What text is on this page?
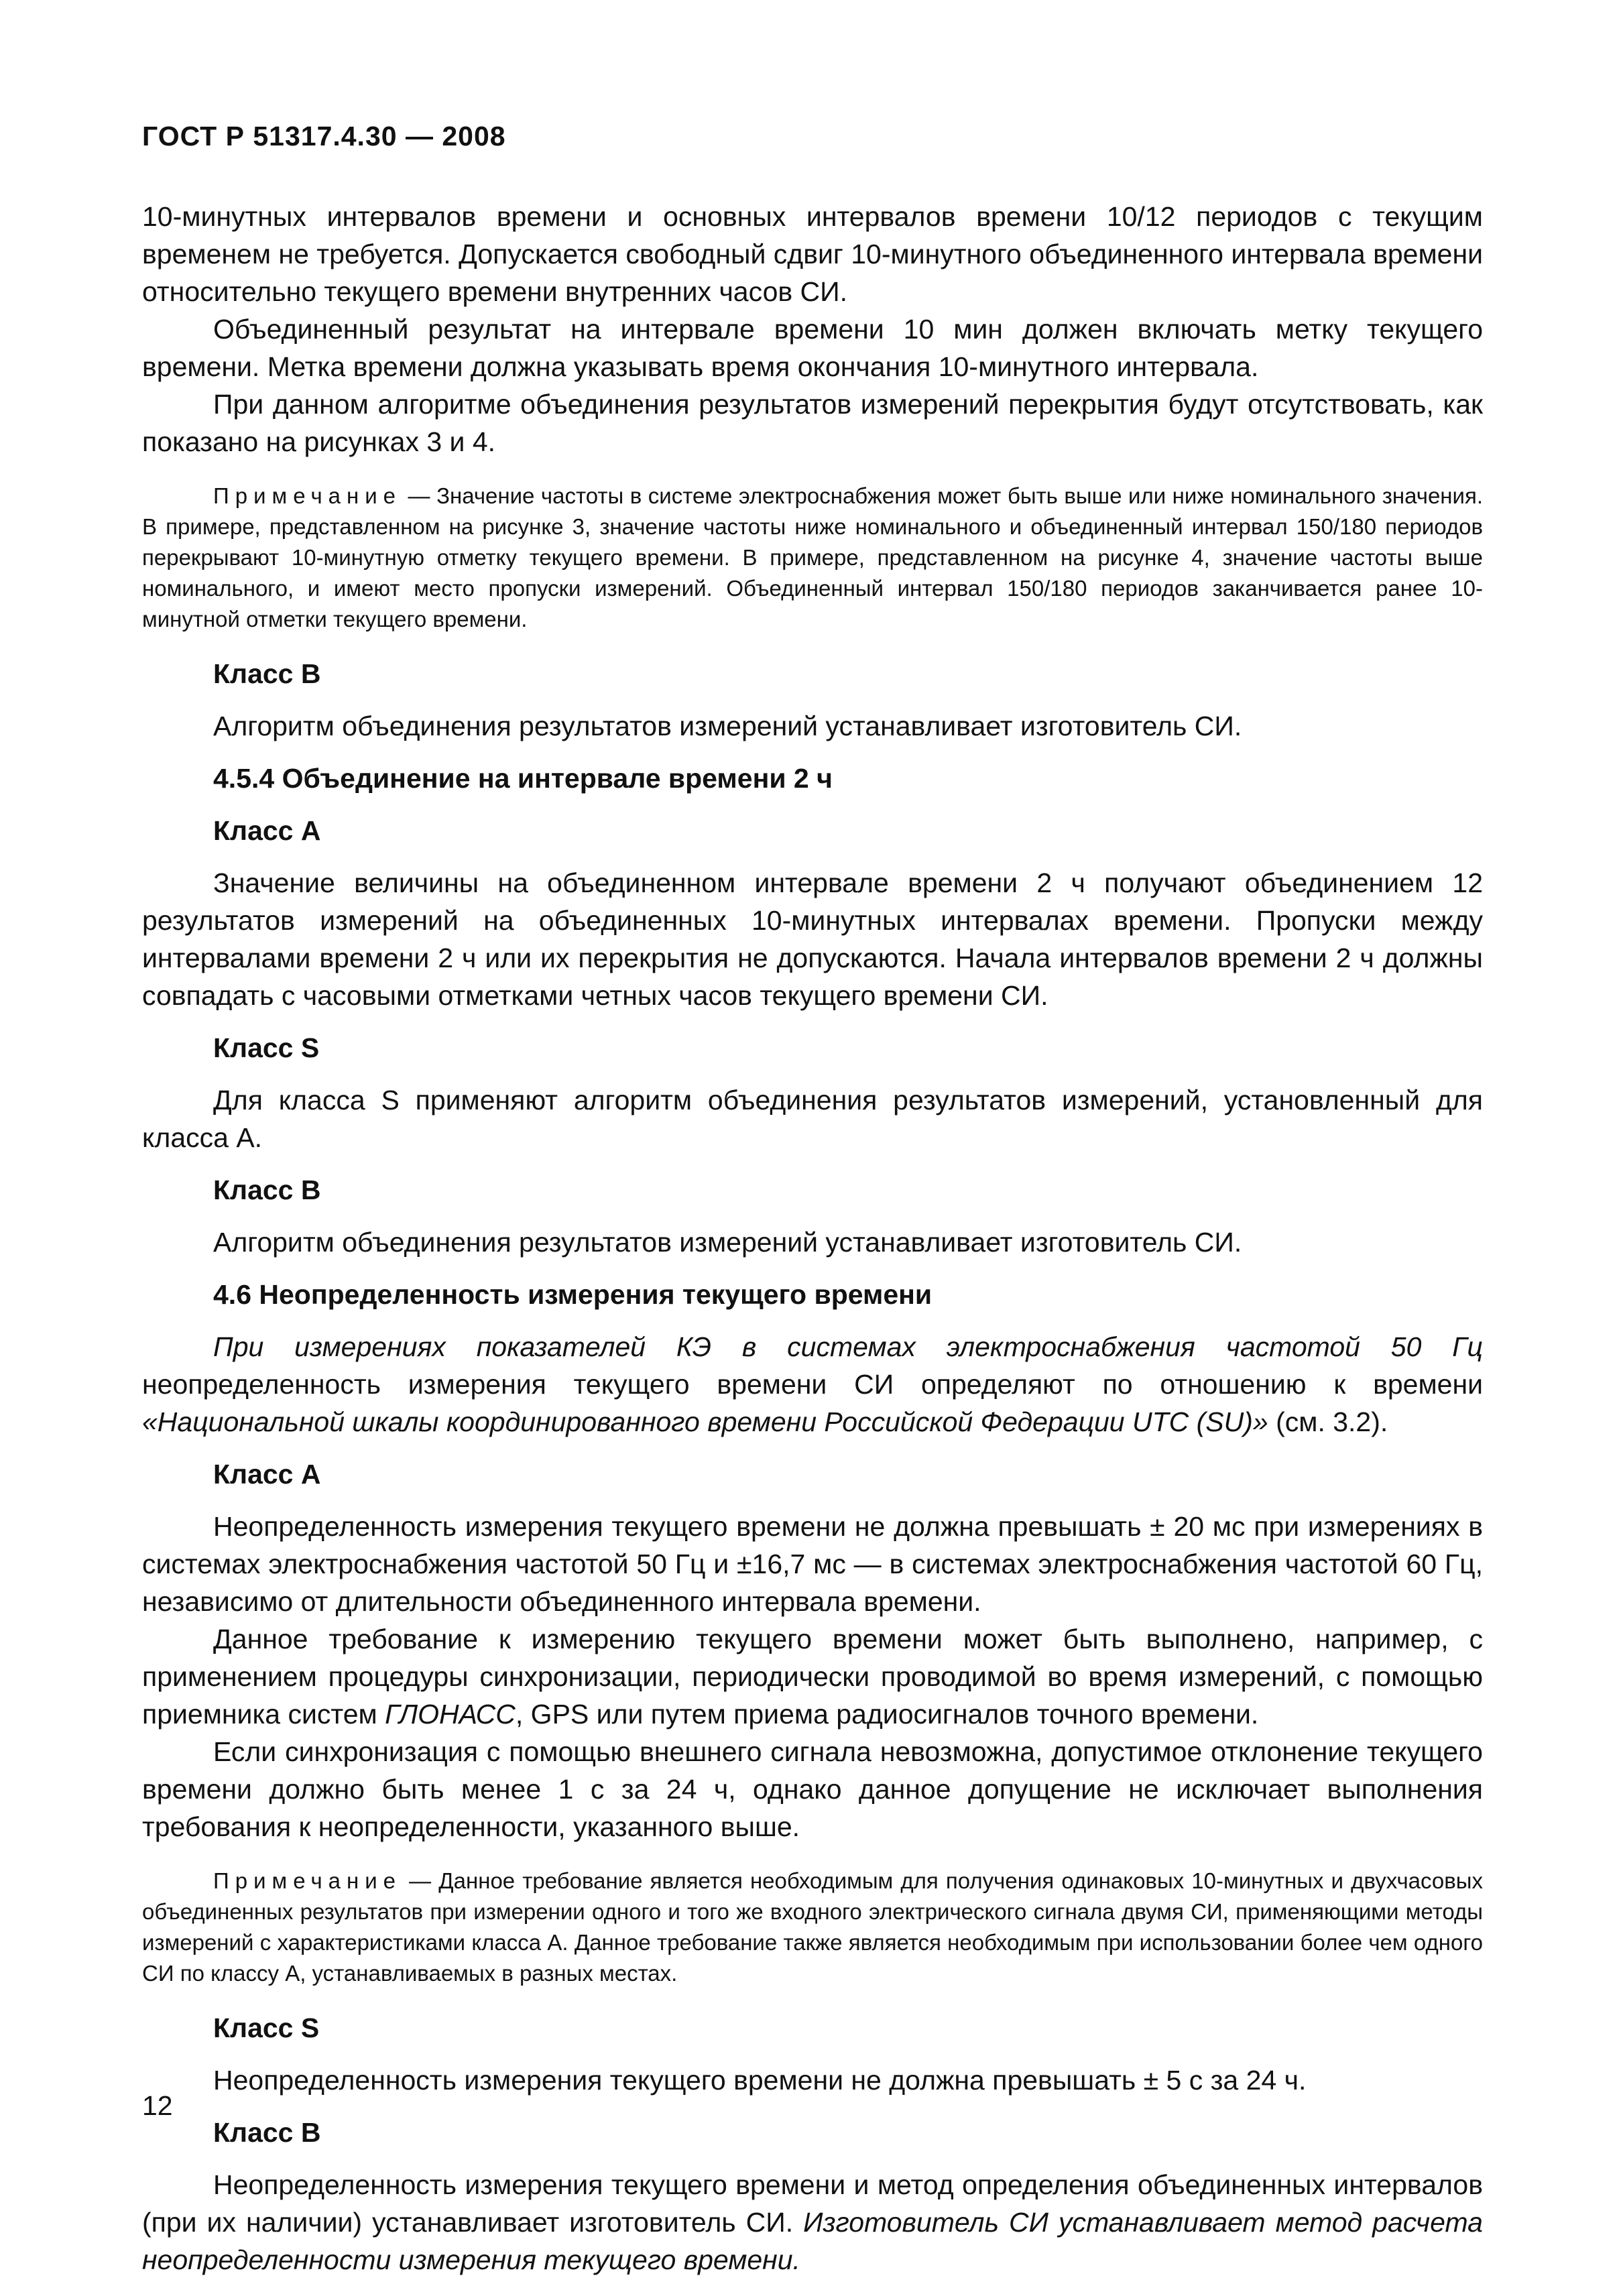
ГОСТ Р 51317.4.30 — 2008

10-минутных интервалов времени и основных интервалов времени 10/12 периодов с текущим временем не требуется. Допускается свободный сдвиг 10-минутного объединенного интервала времени относительно текущего времени внутренних часов СИ.

Объединенный результат на интервале времени 10 мин должен включать метку текущего времени. Метка времени должна указывать время окончания 10-минутного интервала.

При данном алгоритме объединения результатов измерений перекрытия будут отсутствовать, как показано на рисунках 3 и 4.

Примечание — Значение частоты в системе электроснабжения может быть выше или ниже номинального значения. В примере, представленном на рисунке 3, значение частоты ниже номинального и объединенный интервал 150/180 периодов перекрывают 10-минутную отметку текущего времени. В примере, представленном на рисунке 4, значение частоты выше номинального, и имеют место пропуски измерений. Объединенный интервал 150/180 периодов заканчивается ранее 10-минутной отметки текущего времени.

Класс В

Алгоритм объединения результатов измерений устанавливает изготовитель СИ.

4.5.4 Объединение на интервале времени 2 ч

Класс А

Значение величины на объединенном интервале времени 2 ч получают объединением 12 результатов измерений на объединенных 10-минутных интервалах времени. Пропуски между интервалами времени 2 ч или их перекрытия не допускаются. Начала интервалов времени 2 ч должны совпадать с часовыми отметками четных часов текущего времени СИ.

Класс S

Для класса S применяют алгоритм объединения результатов измерений, установленный для класса А.

Класс В

Алгоритм объединения результатов измерений устанавливает изготовитель СИ.

4.6 Неопределенность измерения текущего времени

При измерениях показателей КЭ в системах электроснабжения частотой 50 Гц неопределенность измерения текущего времени СИ определяют по отношению к времени «Национальной шкалы координированного времени Российской Федерации UTC (SU)» (см. 3.2).

Класс А

Неопределенность измерения текущего времени не должна превышать ± 20 мс при измерениях в системах электроснабжения частотой 50 Гц и ±16,7 мс — в системах электроснабжения частотой 60 Гц, независимо от длительности объединенного интервала времени.

Данное требование к измерению текущего времени может быть выполнено, например, с применением процедуры синхронизации, периодически проводимой во время измерений, с помощью приемника систем ГЛОНАСС, GPS или путем приема радиосигналов точного времени.

Если синхронизация с помощью внешнего сигнала невозможна, допустимое отклонение текущего времени должно быть менее 1 с за 24 ч, однако данное допущение не исключает выполнения требования к неопределенности, указанного выше.

Примечание — Данное требование является необходимым для получения одинаковых 10-минутных и двухчасовых объединенных результатов при измерении одного и того же входного электрического сигнала двумя СИ, применяющими методы измерений с характеристиками класса А. Данное требование также является необходимым при использовании более чем одного СИ по классу А, устанавливаемых в разных местах.

Класс S

Неопределенность измерения текущего времени не должна превышать ± 5 с за 24 ч.

Класс В

Неопределенность измерения текущего времени и метод определения объединенных интервалов (при их наличии) устанавливает изготовитель СИ. Изготовитель СИ устанавливает метод расчета неопределенности измерения текущего времени.

12
